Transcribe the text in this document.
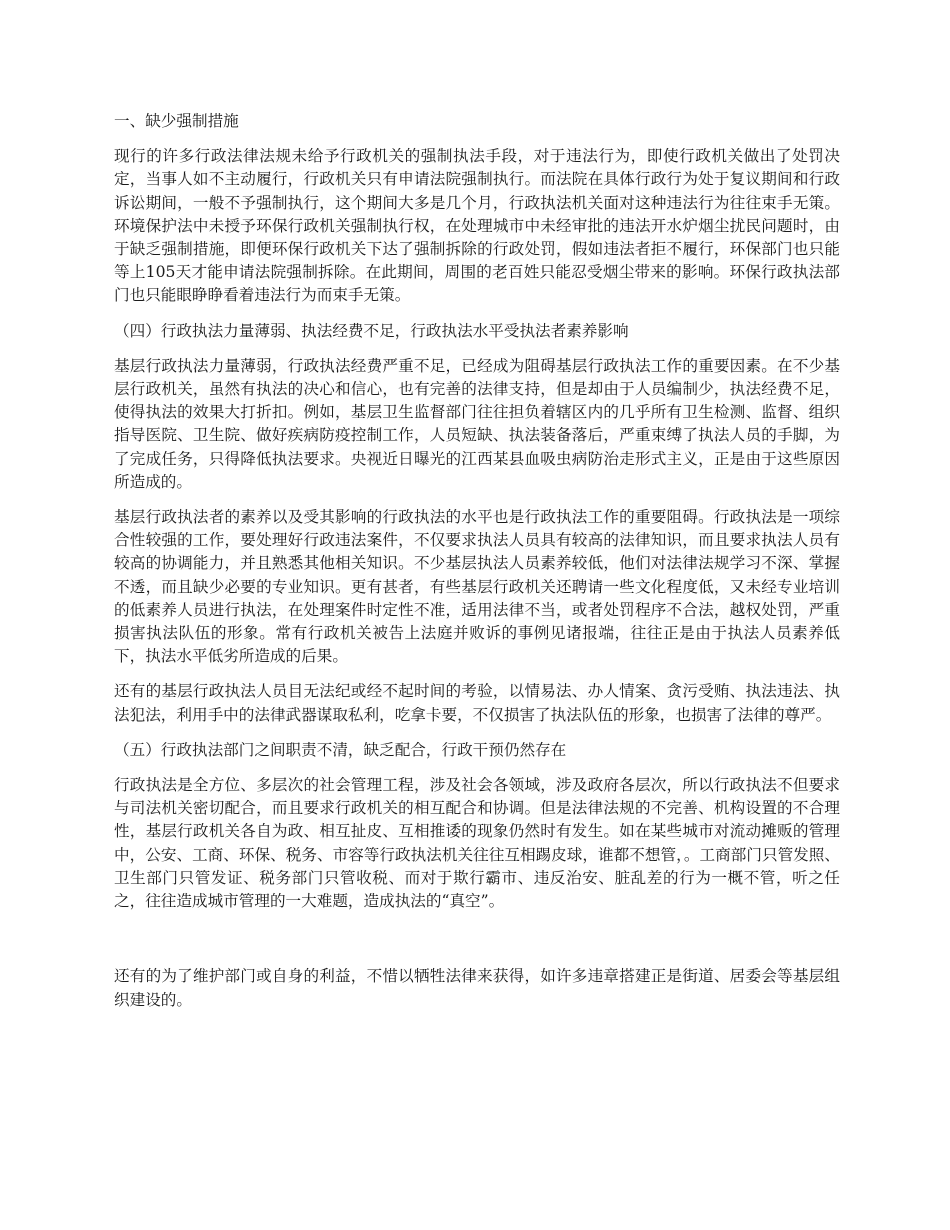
一、缺少强制措施
现行的许多行政法律法规未给予行政机关的强制执法手段，对于违法行为，即使行政机关做出了处罚决定，当事人如不主动履行，行政机关只有申请法院强制执行。而法院在具体行政行为处于复议期间和行政诉讼期间，一般不予强制执行，这个期间大多是几个月，行政执法机关面对这种违法行为往往束手无策。环境保护法中未授予环保行政机关强制执行权，在处理城市中未经审批的违法开水炉烟尘扰民问题时，由于缺乏强制措施，即便环保行政机关下达了强制拆除的行政处罚，假如违法者拒不履行，环保部门也只能等上105天才能申请法院强制拆除。在此期间，周围的老百姓只能忍受烟尘带来的影响。环保行政执法部门也只能眼睁睁看着违法行为而束手无策。
（四）行政执法力量薄弱、执法经费不足，行政执法水平受执法者素养影响
基层行政执法力量薄弱，行政执法经费严重不足，已经成为阻碍基层行政执法工作的重要因素。在不少基层行政机关，虽然有执法的决心和信心，也有完善的法律支持，但是却由于人员编制少，执法经费不足，使得执法的效果大打折扣。例如，基层卫生监督部门往往担负着辖区内的几乎所有卫生检测、监督、组织指导医院、卫生院、做好疾病防疫控制工作，人员短缺、执法装备落后，严重束缚了执法人员的手脚，为了完成任务，只得降低执法要求。央视近日曝光的江西某县血吸虫病防治走形式主义，正是由于这些原因所造成的。
基层行政执法者的素养以及受其影响的行政执法的水平也是行政执法工作的重要阻碍。行政执法是一项综合性较强的工作，要处理好行政违法案件，不仅要求执法人员具有较高的法律知识，而且要求执法人员有较高的协调能力，并且熟悉其他相关知识。不少基层执法人员素养较低，他们对法律法规学习不深、掌握不透，而且缺少必要的专业知识。更有甚者，有些基层行政机关还聘请一些文化程度低，又未经专业培训的低素养人员进行执法，在处理案件时定性不准，适用法律不当，或者处罚程序不合法，越权处罚，严重损害执法队伍的形象。常有行政机关被告上法庭并败诉的事例见诸报端，往往正是由于执法人员素养低下，执法水平低劣所造成的后果。
还有的基层行政执法人员目无法纪或经不起时间的考验，以情易法、办人情案、贪污受贿、执法违法、执法犯法，利用手中的法律武器谋取私利，吃拿卡要，不仅损害了执法队伍的形象，也损害了法律的尊严。
（五）行政执法部门之间职责不清，缺乏配合，行政干预仍然存在
行政执法是全方位、多层次的社会管理工程，涉及社会各领域，涉及政府各层次，所以行政执法不但要求与司法机关密切配合，而且要求行政机关的相互配合和协调。但是法律法规的不完善、机构设置的不合理性，基层行政机关各自为政、相互扯皮、互相推诿的现象仍然时有发生。如在某些城市对流动摊贩的管理中，公安、工商、环保、税务、市容等行政执法机关往往互相踢皮球，谁都不想管，。工商部门只管发照、卫生部门只管发证、税务部门只管收税、而对于欺行霸市、违反治安、脏乱差的行为一概不管，听之任之，往往造成城市管理的一大难题，造成执法的“真空”。
还有的为了维护部门或自身的利益，不惜以牺牲法律来获得，如许多违章搭建正是街道、居委会等基层组织建设的。
